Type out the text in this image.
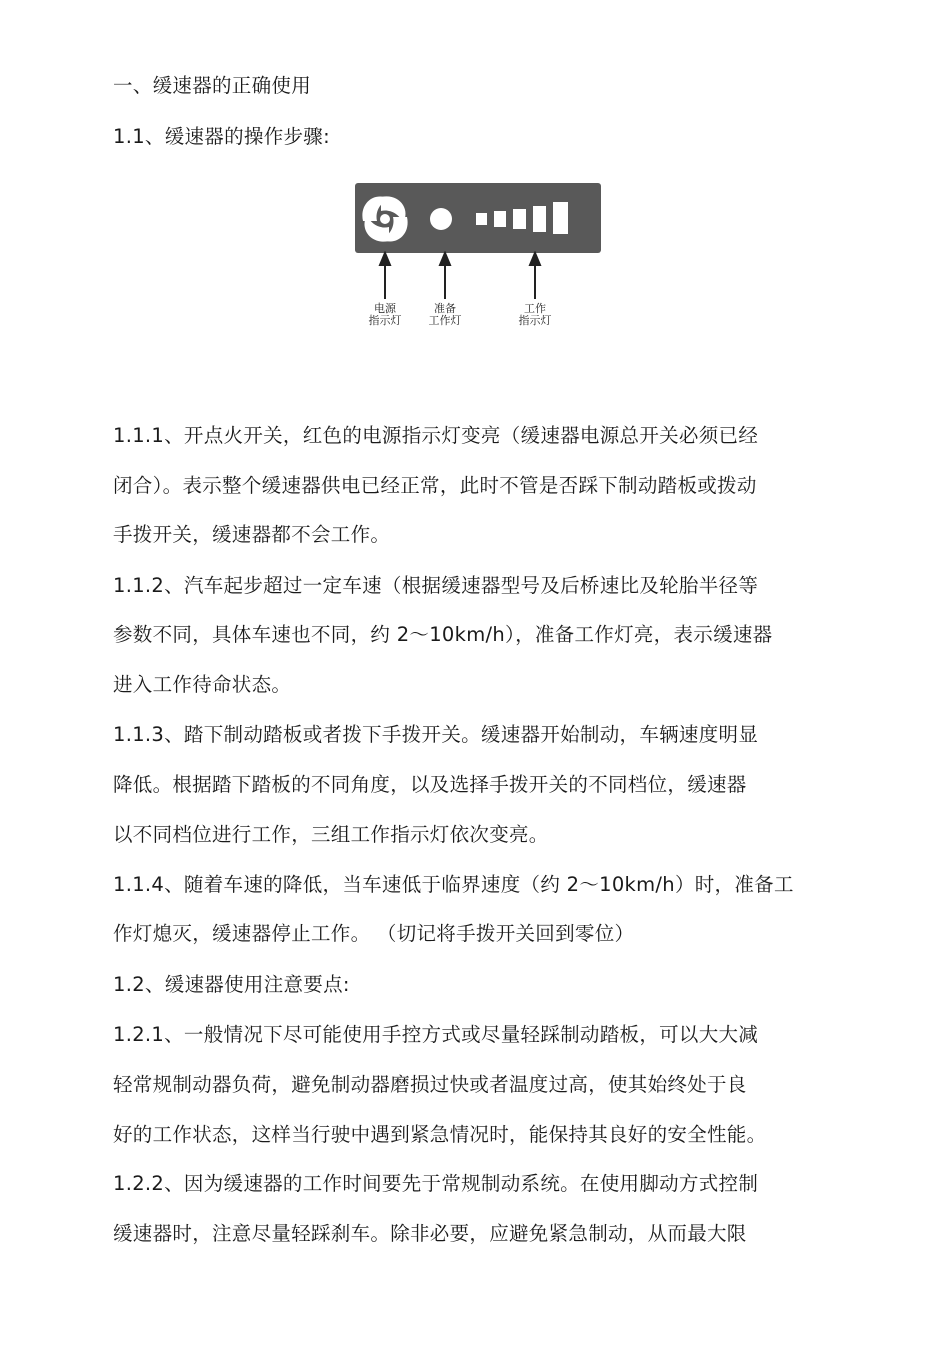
一、缓速器的正确使用
1.1、缓速器的操作步骤:
电源
指示灯
准备
工作灯
工作
指示灯
1.1.1、开点火开关，红色的电源指示灯变亮（缓速器电源总开关必须已经
闭合）。表示整个缓速器供电已经正常，此时不管是否踩下制动踏板或拨动
手拨开关，缓速器都不会工作。
1.1.2、汽车起步超过一定车速（根据缓速器型号及后桥速比及轮胎半径等
参数不同，具体车速也不同，约 2～10km/h），准备工作灯亮，表示缓速器
进入工作待命状态。
1.1.3、踏下制动踏板或者拨下手拨开关。缓速器开始制动，车辆速度明显
降低。根据踏下踏板的不同角度，以及选择手拨开关的不同档位，缓速器
以不同档位进行工作，三组工作指示灯依次变亮。
1.1.4、随着车速的降低，当车速低于临界速度（约 2～10km/h）时，准备工
作灯熄灭，缓速器停止工作。 （切记将手拨开关回到零位）
1.2、缓速器使用注意要点:
1.2.1、一般情况下尽可能使用手控方式或尽量轻踩制动踏板，可以大大减
轻常规制动器负荷，避免制动器磨损过快或者温度过高，使其始终处于良
好的工作状态，这样当行驶中遇到紧急情况时，能保持其良好的安全性能。
1.2.2、因为缓速器的工作时间要先于常规制动系统。在使用脚动方式控制
缓速器时，注意尽量轻踩刹车。除非必要，应避免紧急制动，从而最大限
